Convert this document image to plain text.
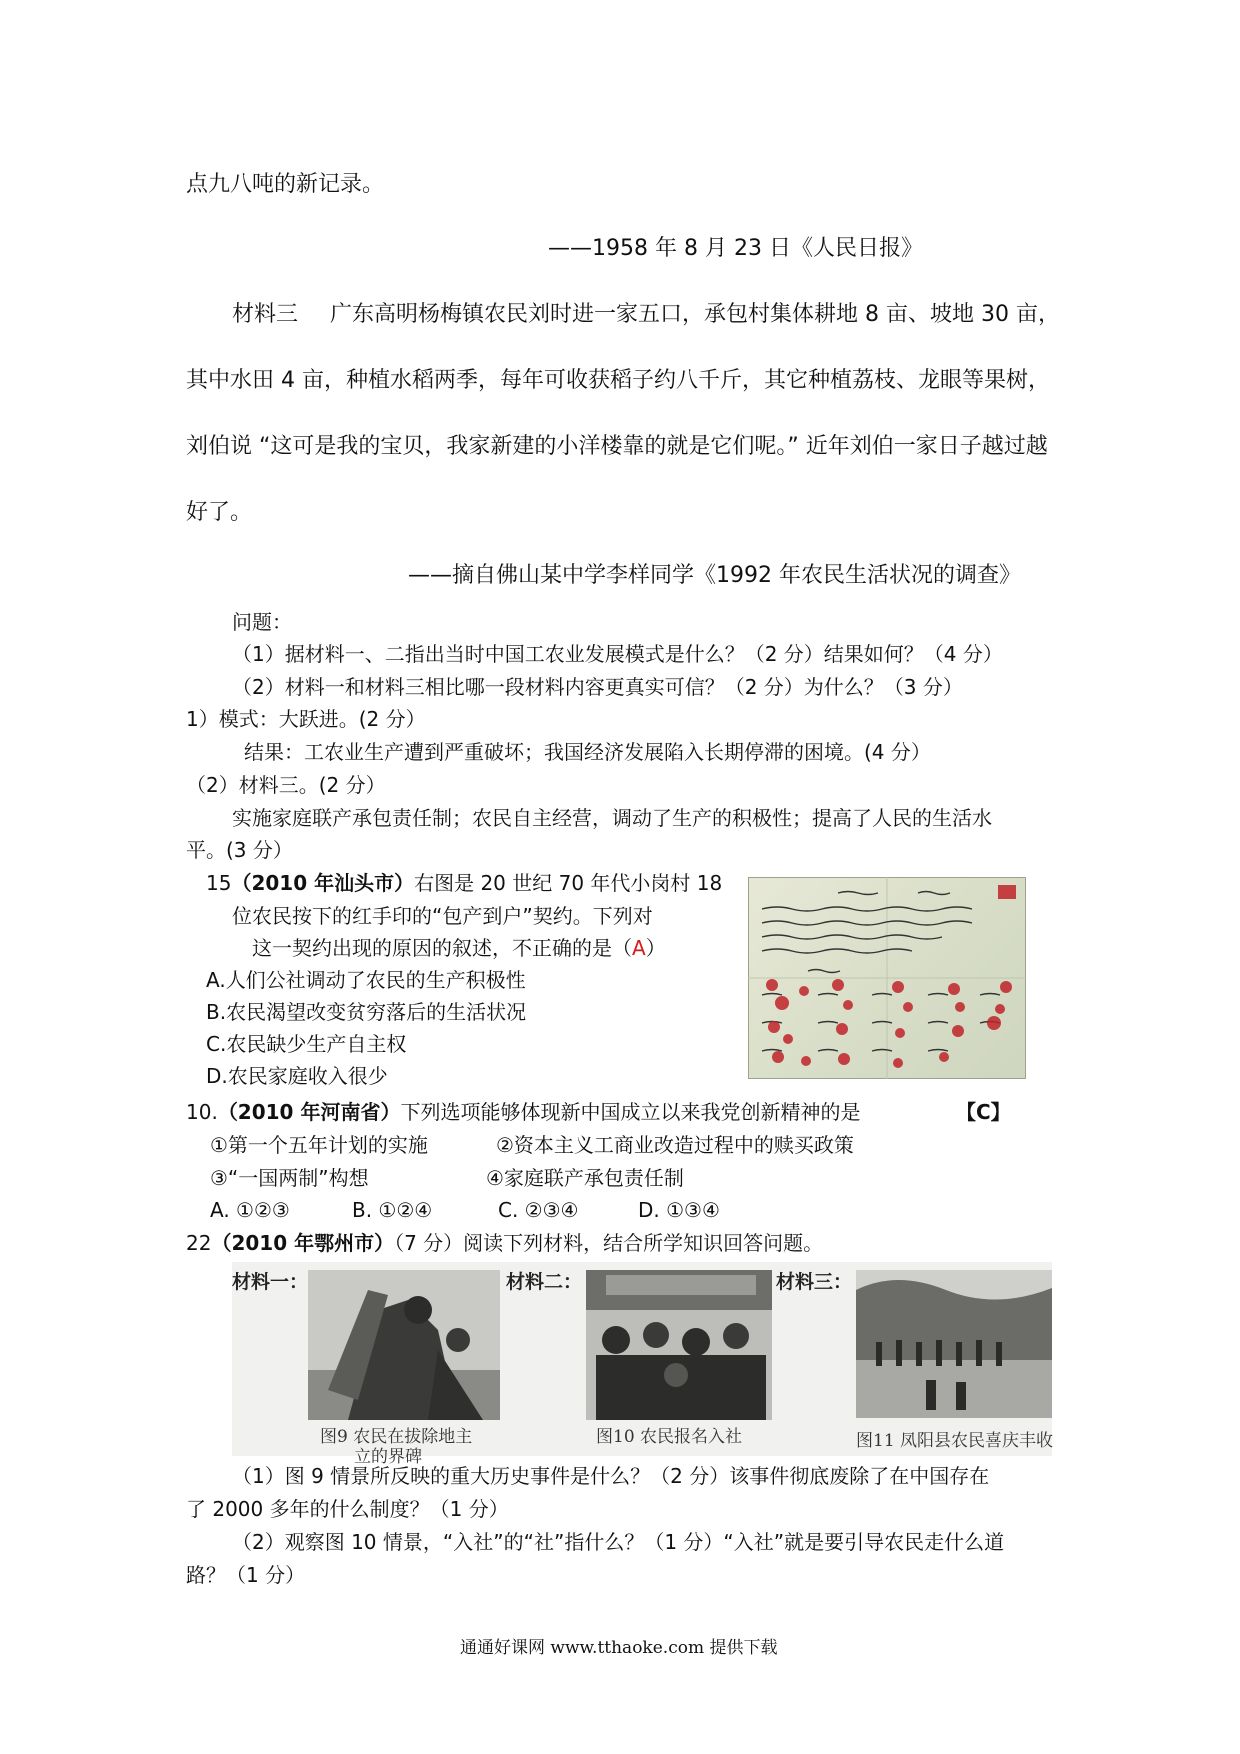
点九八吨的新记录。
——1958 年 8 月 23 日《人民日报》
材料三 广东高明杨梅镇农民刘时进一家五口，承包村集体耕地 8 亩、坡地 30 亩，
其中水田 4 亩，种植水稻两季，每年可收获稻子约八千斤，其它种植荔枝、龙眼等果树，
刘伯说 “这可是我的宝贝，我家新建的小洋楼靠的就是它们呢。” 近年刘伯一家日子越过越
好了。
——摘自佛山某中学李样同学《1992 年农民生活状况的调查》
问题：
（1）据材料一、二指出当时中国工农业发展模式是什么？（2 分）结果如何？（4 分）
（2）材料一和材料三相比哪一段材料内容更真实可信？（2 分）为什么？（3 分）
1）模式：大跃进。(2 分）
结果：工农业生产遭到严重破坏；我国经济发展陷入长期停滞的困境。(4 分）
（2）材料三。(2 分）
实施家庭联产承包责任制；农民自主经营，调动了生产的积极性；提高了人民的生活水
平。(3 分）
15（2010 年汕头市）右图是 20 世纪 70 年代小岗村 18
位农民按下的红手印的“包产到户”契约。下列对
这一契约出现的原因的叙述，不正确的是（A）
A.人们公社调动了农民的生产积极性
B.农民渴望改变贫穷落后的生活状况
C.农民缺少生产自主权
D.农民家庭收入很少
10.（2010 年河南省）下列选项能够体现新中国成立以来我党创新精神的是	【C】
①第一个五年计划的实施	②资本主义工商业改造过程中的赎买政策
③“一国两制”构想	④家庭联产承包责任制
A. ①②③	B. ①②④	C. ②③④	D. ①③④
22（2010 年鄂州市）（7 分）阅读下列材料，结合所学知识回答问题。
材料一：	材料二：	材料三：
图9 农民在拔除地主
立的界碑
图10 农民报名入社	图11 凤阳县农民喜庆丰收
（1）图 9 情景所反映的重大历史事件是什么？（2 分）该事件彻底废除了在中国存在
了 2000 多年的什么制度？（1 分）
（2）观察图 10 情景，“入社”的“社”指什么？（1 分）“入社”就是要引导农民走什么道
路？（1 分）
通通好课网 www.tthaoke.com 提供下载
